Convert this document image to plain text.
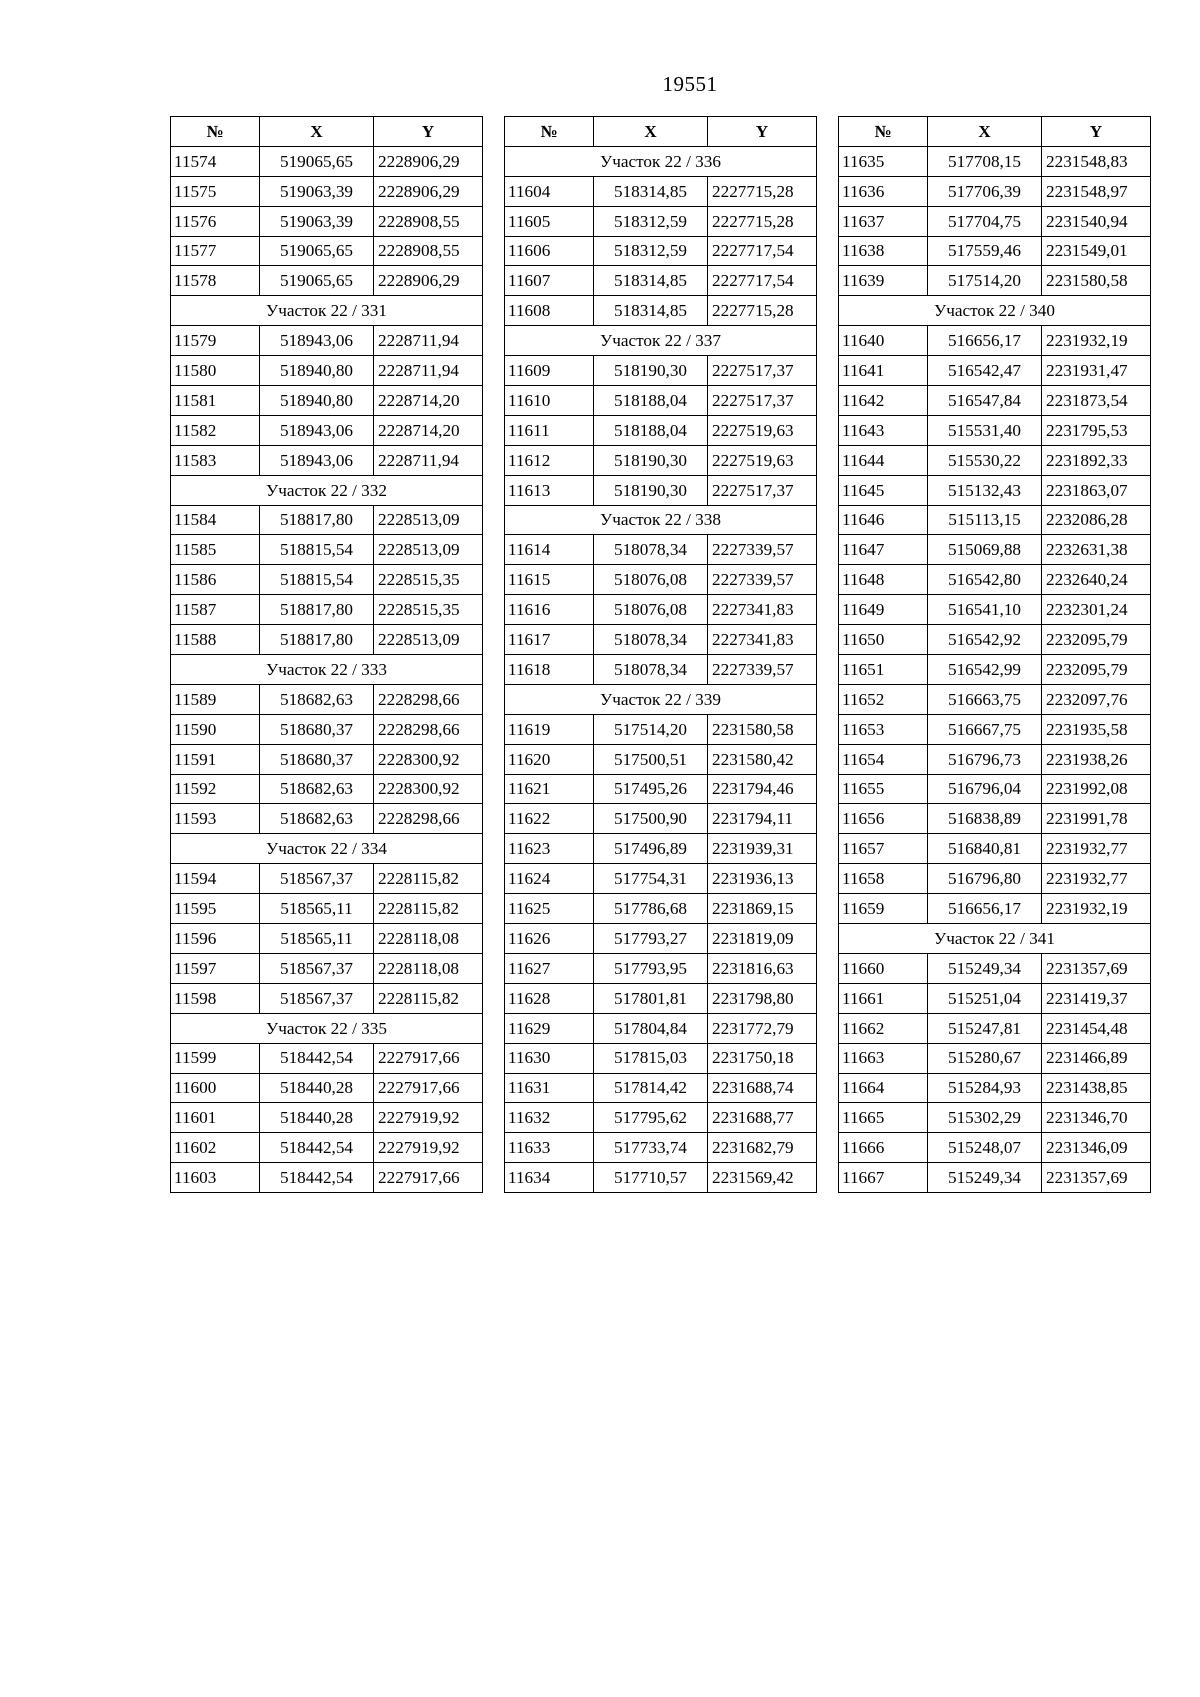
19551
№	X	Y
11574	519065,65	2228906,29
11575	519063,39	2228906,29
11576	519063,39	2228908,55
11577	519065,65	2228908,55
11578	519065,65	2228906,29
Участок 22 / 331		
11579	518943,06	2228711,94
11580	518940,80	2228711,94
11581	518940,80	2228714,20
11582	518943,06	2228714,20
11583	518943,06	2228711,94
Участок 22 / 332		
11584	518817,80	2228513,09
11585	518815,54	2228513,09
11586	518815,54	2228515,35
11587	518817,80	2228515,35
11588	518817,80	2228513,09
Участок 22 / 333		
11589	518682,63	2228298,66
11590	518680,37	2228298,66
11591	518680,37	2228300,92
11592	518682,63	2228300,92
11593	518682,63	2228298,66
Участок 22 / 334		
11594	518567,37	2228115,82
11595	518565,11	2228115,82
11596	518565,11	2228118,08
11597	518567,37	2228118,08
11598	518567,37	2228115,82
Участок 22 / 335		
11599	518442,54	2227917,66
11600	518440,28	2227917,66
11601	518440,28	2227919,92
11602	518442,54	2227919,92
11603	518442,54	2227917,66
№	X	Y
Участок 22 / 336		
11604	518314,85	2227715,28
11605	518312,59	2227715,28
11606	518312,59	2227717,54
11607	518314,85	2227717,54
11608	518314,85	2227715,28
Участок 22 / 337		
11609	518190,30	2227517,37
11610	518188,04	2227517,37
11611	518188,04	2227519,63
11612	518190,30	2227519,63
11613	518190,30	2227517,37
Участок 22 / 338		
11614	518078,34	2227339,57
11615	518076,08	2227339,57
11616	518076,08	2227341,83
11617	518078,34	2227341,83
11618	518078,34	2227339,57
Участок 22 / 339		
11619	517514,20	2231580,58
11620	517500,51	2231580,42
11621	517495,26	2231794,46
11622	517500,90	2231794,11
11623	517496,89	2231939,31
11624	517754,31	2231936,13
11625	517786,68	2231869,15
11626	517793,27	2231819,09
11627	517793,95	2231816,63
11628	517801,81	2231798,80
11629	517804,84	2231772,79
11630	517815,03	2231750,18
11631	517814,42	2231688,74
11632	517795,62	2231688,77
11633	517733,74	2231682,79
11634	517710,57	2231569,42
№	X	Y
11635	517708,15	2231548,83
11636	517706,39	2231548,97
11637	517704,75	2231540,94
11638	517559,46	2231549,01
11639	517514,20	2231580,58
Участок 22 / 340		
11640	516656,17	2231932,19
11641	516542,47	2231931,47
11642	516547,84	2231873,54
11643	515531,40	2231795,53
11644	515530,22	2231892,33
11645	515132,43	2231863,07
11646	515113,15	2232086,28
11647	515069,88	2232631,38
11648	516542,80	2232640,24
11649	516541,10	2232301,24
11650	516542,92	2232095,79
11651	516542,99	2232095,79
11652	516663,75	2232097,76
11653	516667,75	2231935,58
11654	516796,73	2231938,26
11655	516796,04	2231992,08
11656	516838,89	2231991,78
11657	516840,81	2231932,77
11658	516796,80	2231932,77
11659	516656,17	2231932,19
Участок 22 / 341		
11660	515249,34	2231357,69
11661	515251,04	2231419,37
11662	515247,81	2231454,48
11663	515280,67	2231466,89
11664	515284,93	2231438,85
11665	515302,29	2231346,70
11666	515248,07	2231346,09
11667	515249,34	2231357,69
